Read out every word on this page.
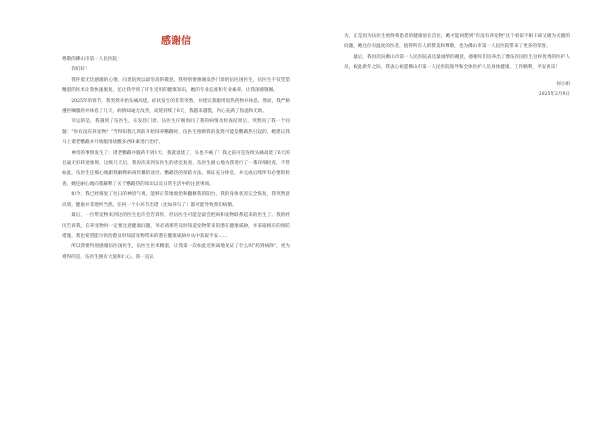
感谢信

尊敬的佛山市第一人民医院：

你们好！

我怀着无比感激的心情，向贵院致以最崇高的敬意，我特别要感谢发热门诊的伍医国医生，伍医生不仅凭借精湛的医术让我快速康复，还让我学到了许生受用的健康知识，她的专业态度和专业素养，让我深感敬佩。

2025年的春节，我突然开始头痛高烧，症状发生的非常突然，并建议我服用退热药物并休息。然而，我严格遵医嘱服药并休息了几天，病情却毫无改善，高烧持续了6天，我越来越慌，内心充满了焦虑和无助。

幸运的是，我遇到了伍医生。在发热门诊，伍医生仔细询问了我的病情及检查结果后，突然问了我一个问题："你有没有养宠物？"当得知我几周前开始饲养鹦鹉时，伍医生推断我的发烧可能是鹦鹉热引起的，她建议我马上诸老鹦鹉并开始服用盐酸多西环素进行治疗。

神奇的事情发生了：诸老鹦鹉并服药不到1天，我就退烧了，头也不痛了！我之前可是连续头痛高烧了6天的且毫无好转迹象呀，这吸几天后，我再次来到伍医生的诊室复查，伍医生耐心地为我进行了一番详细检查，不管如此，伍医生还细心地跟我解释病毒传播的途径、鹦鹉热的预防方法、保证充分休息，并完成后续所有必要的检查，她还耐心地向我解释了关于鹦鹉热的知识以及日常生活中的注意事项。

如今，我已经恢复了往日的神清气爽，能够正常地收拾和翻修我的阳台，我的身体状况完全恢复，我突然意识到，健康并非理所当然，任何一个小环节出错（比如养鸟了）都可能导致我们病倒。

最后，一位带宠物来到这的医生也许会告诉你，但伍医生可能是最会把病和宠物联系起来的医生了。我的经历告诉我，在养宠物时一定要注意健康问题，务必请那些及时知道宠物带来的潜在健康威胁，并采取相应的预防措施，我也希望能尽快治愈及时知道宠物带来的潜在健康威胁并从中获取平安……

所以我要特别感谢伍医国医生，伍医生医术精湛，让我第一次如此近距离地见证了什么叫"药到病除"，更为难得的是，伍医生拥有大爱和仁心。我一直认

为，正是因为伍医生始终将患者的健康放在首位，她才能回想到"有没有养宠物"这个看似不相干却又极为关键的问题，她这位有温度的医者，值得所有人的赞美和尊敬，也为佛山市第一人民医院带来了更多的荣誉。

最后，我再次向佛山市第一人民医院表达最诚挚的谢意，感谢你们培养出了像伍医国医生这样优秀的医护人员，祝此新年之际，我衷心祝愿佛山市第一人民医院领导和全体医护人员身体健康，工作顺利，平安喜乐！

何小姐
2025年2月9日
